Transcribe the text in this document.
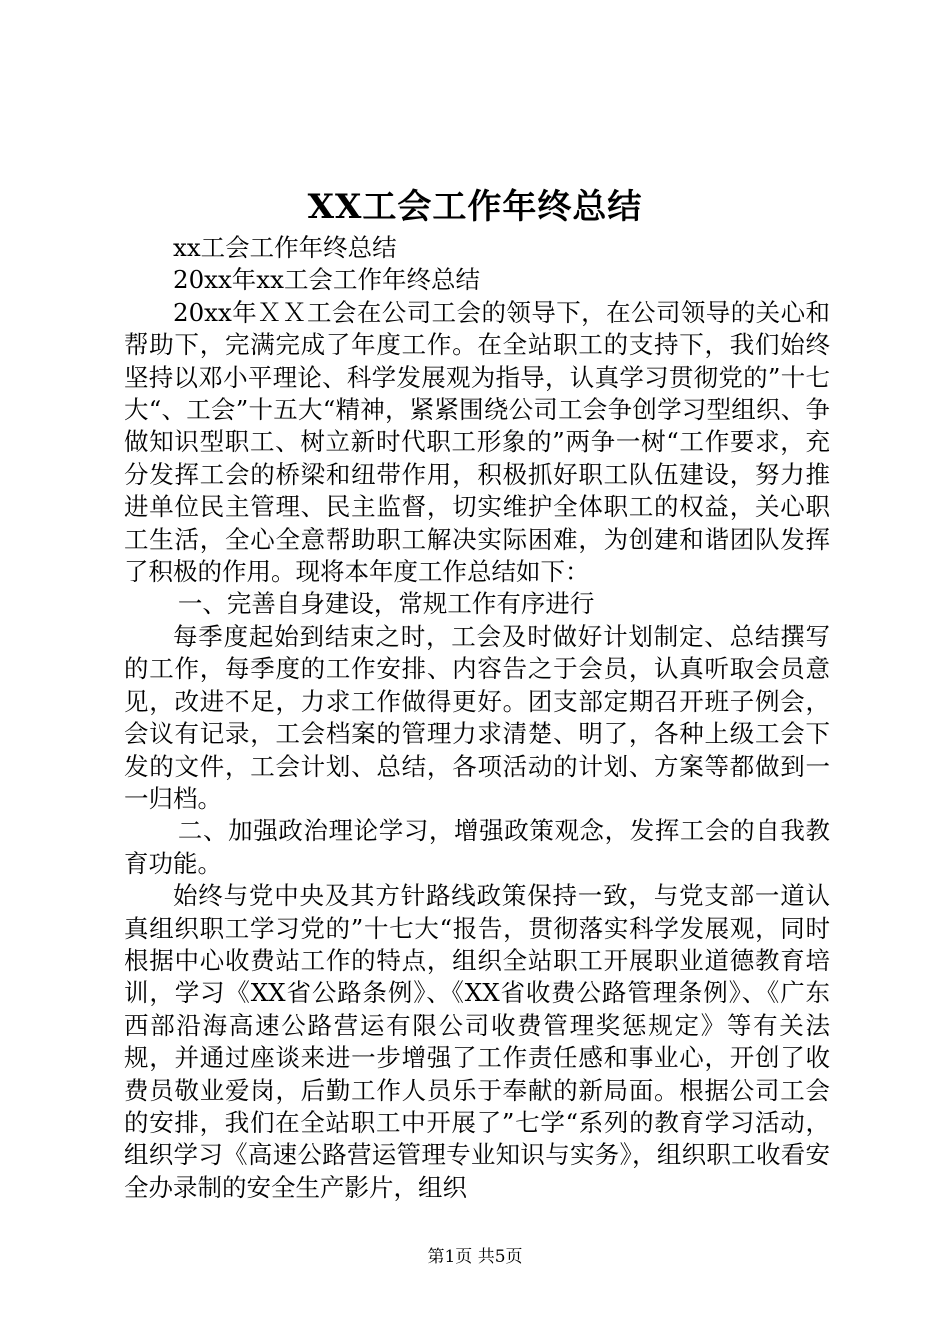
XX工会工作年终总结

xx工会工作年终总结

20xx年xx工会工作年终总结

20xx年ＸＸ工会在公司工会的领导下，在公司领导的关心和帮助下，完满完成了年度工作。在全站职工的支持下，我们始终坚持以邓小平理论、科学发展观为指导，认真学习贯彻党的”十七大“、工会”十五大“精神，紧紧围绕公司工会争创学习型组织、争做知识型职工、树立新时代职工形象的”两争一树“工作要求，充分发挥工会的桥梁和纽带作用，积极抓好职工队伍建设，努力推进单位民主管理、民主监督，切实维护全体职工的权益，关心职工生活，全心全意帮助职工解决实际困难，为创建和谐团队发挥了积极的作用。现将本年度工作总结如下：

一、完善自身建设，常规工作有序进行

每季度起始到结束之时，工会及时做好计划制定、总结撰写的工作，每季度的工作安排、内容告之于会员，认真听取会员意见，改进不足，力求工作做得更好。团支部定期召开班子例会，会议有记录，工会档案的管理力求清楚、明了，各种上级工会下发的文件，工会计划、总结，各项活动的计划、方案等都做到一一归档。

二、加强政治理论学习，增强政策观念，发挥工会的自我教育功能。

始终与党中央及其方针路线政策保持一致，与党支部一道认真组织职工学习党的”十七大“报告，贯彻落实科学发展观，同时根据中心收费站工作的特点，组织全站职工开展职业道德教育培训，学习《XX省公路条例》、《XX省收费公路管理条例》、《广东西部沿海高速公路营运有限公司收费管理奖惩规定》等有关法规，并通过座谈来进一步增强了工作责任感和事业心，开创了收费员敬业爱岗，后勤工作人员乐于奉献的新局面。根据公司工会的安排，我们在全站职工中开展了”七学“系列的教育学习活动，组织学习《高速公路营运管理专业知识与实务》，组织职工收看安全办录制的安全生产影片，组织

第1页 共5页
